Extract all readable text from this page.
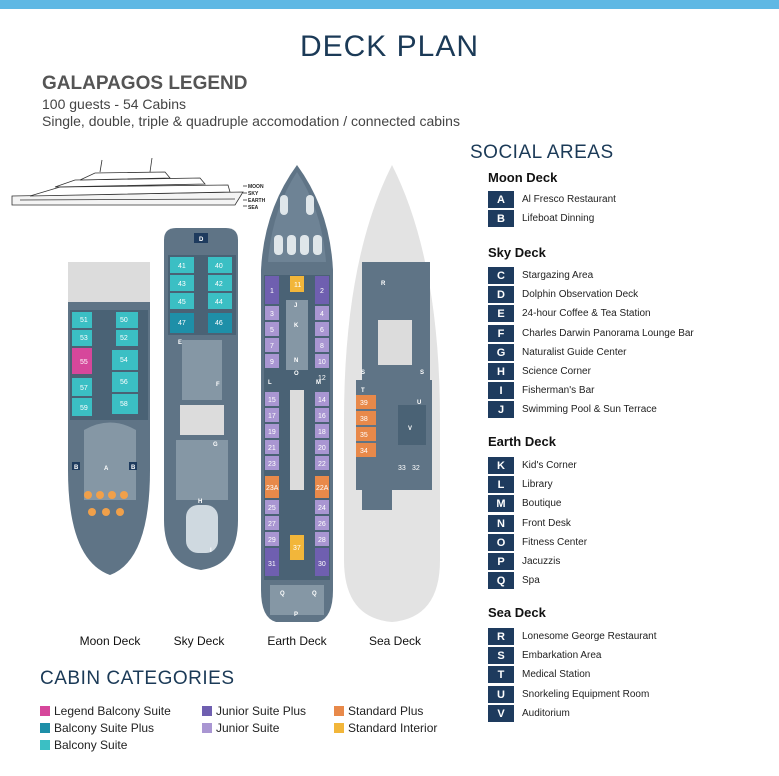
DECK PLAN
GALAPAGOS LEGEND
100 guests - 54 Cabins
Single, double, triple & quadruple accomodation / connected cabins
MOON
SKY
EARTH
SEA
51	50
53	52
55	54
57
56
59
58
A
B	B
D
E
F
G
H
I
41	40
43	42
45	44
47	46
1	2
3	4
5	6
7	8
9	10
11
12
15	14
17	16
19	18
21	20
23	22
23A	22A
25	24
27	26
29	28
31	30
37
J
K
L	M
N
O
P
Q	Q
R
S	S
T
U
V
39
38
35
34
33 32
Moon Deck	Sky Deck	Earth Deck	Sea Deck
SOCIAL AREAS
Moon Deck
A	Al Fresco Restaurant
B	Lifeboat Dinning
Sky Deck
C	Stargazing Area
D	Dolphin Observation Deck
E	24-hour Coffee & Tea Station
F	Charles Darwin Panorama Lounge Bar
G	Naturalist Guide Center
H	Science Corner
I	Fisherman's Bar
J	Swimming Pool & Sun Terrace
Earth Deck
K	Kid's Corner
L	Library
M	Boutique
N	Front Desk
O	Fitness Center
P	Jacuzzis
Q	Spa
Sea Deck
R	Lonesome George Restaurant
S	Embarkation Area
T	Medical Station
U	Snorkeling Equipment Room
V	Auditorium
CABIN CATEGORIES
Legend Balcony Suite
Balcony Suite Plus
Balcony Suite
Junior Suite Plus
Junior Suite
Standard Plus
Standard Interior
